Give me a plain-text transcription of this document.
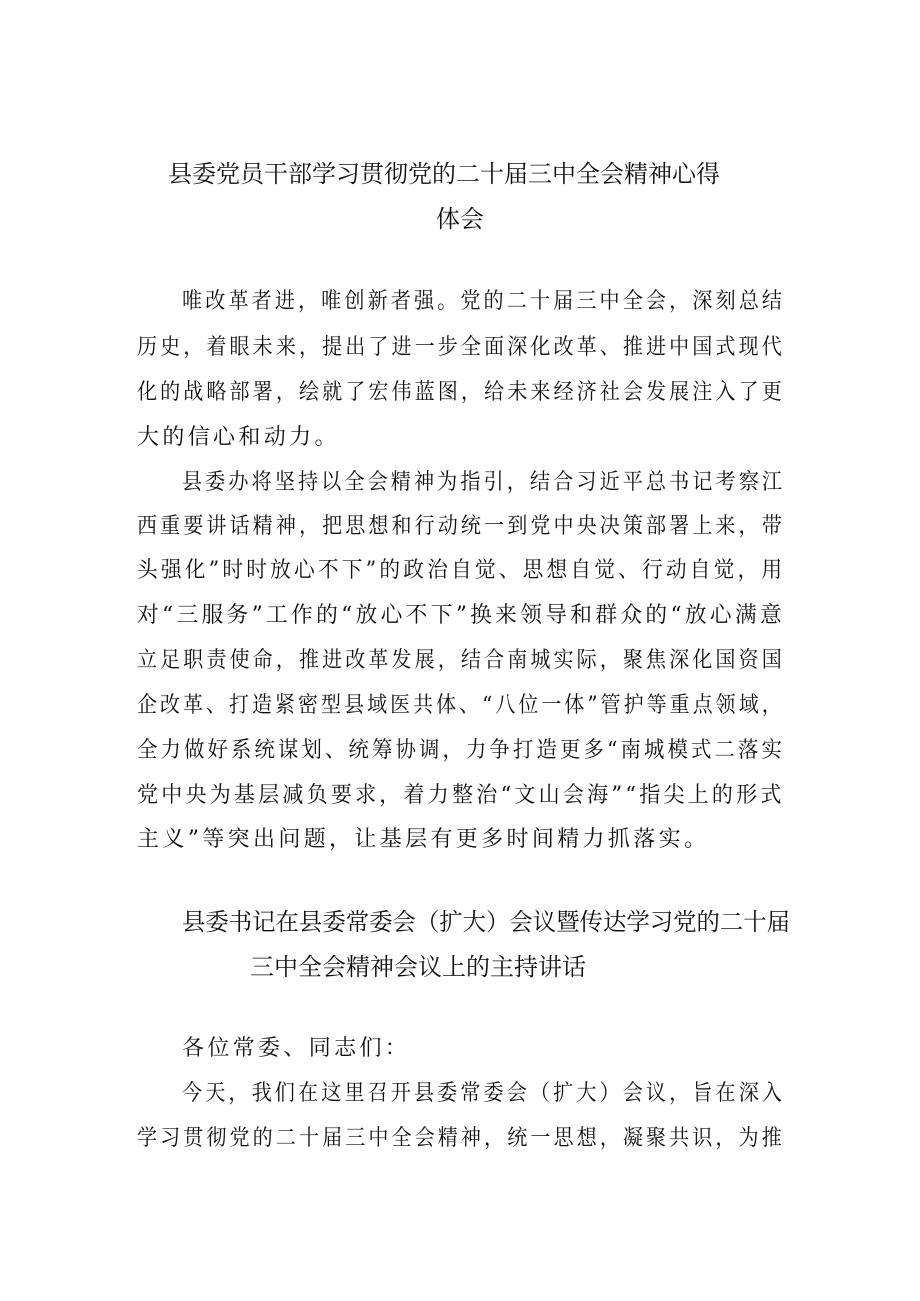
县委党员干部学习贯彻党的二十届三中全会精神心得
体会
唯改革者进，唯创新者强。党的二十届三中全会，深刻总结
历史，着眼未来，提出了进一步全面深化改革、推进中国式现代
化的战略部署，绘就了宏伟蓝图，给未来经济社会发展注入了更
大的信心和动力。
县委办将坚持以全会精神为指引，结合习近平总书记考察江
西重要讲话精神，把思想和行动统一到党中央决策部署上来，带
头强化”时时放心不下”的政治自觉、思想自觉、行动自觉，用
对“三服务”工作的“放心不下”换来领导和群众的“放心满意
立足职责使命，推进改革发展，结合南城实际，聚焦深化国资国
企改革、打造紧密型县域医共体、“八位一体”管护等重点领域，
全力做好系统谋划、统筹协调，力争打造更多“南城模式二落实
党中央为基层减负要求，着力整治“文山会海”“指尖上的形式
主义”等突出问题，让基层有更多时间精力抓落实。
县委书记在县委常委会（扩大）会议暨传达学习党的二十届
三中全会精神会议上的主持讲话
各位常委、同志们：
今天，我们在这里召开县委常委会（扩大）会议，旨在深入
学习贯彻党的二十届三中全会精神，统一思想，凝聚共识，为推
